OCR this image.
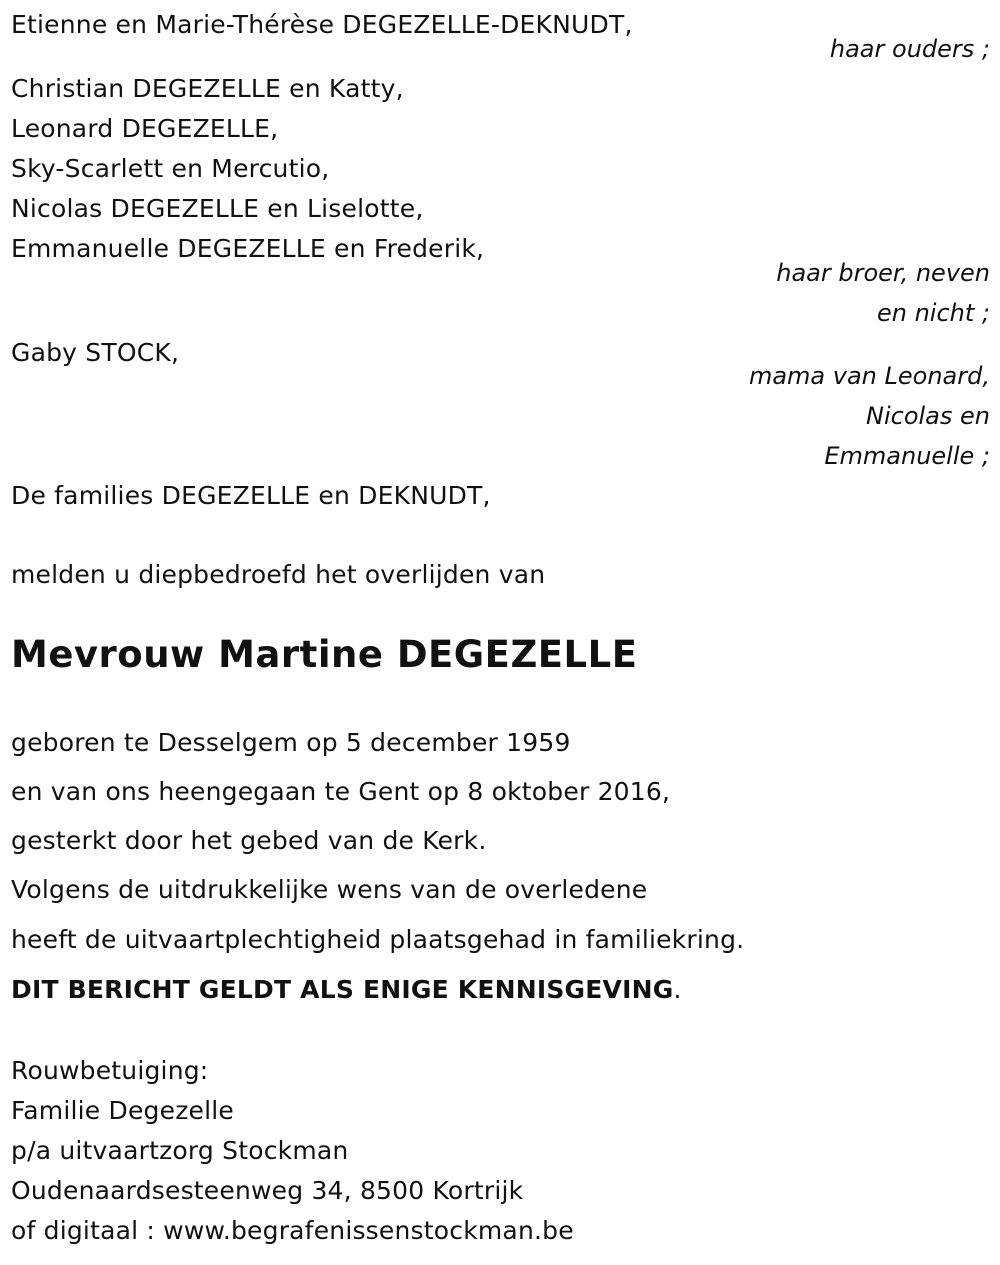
Etienne en Marie-Thérèse DEGEZELLE-DEKNUDT,
haar ouders ;
Christian DEGEZELLE en Katty,
Leonard DEGEZELLE,
Sky-Scarlett en Mercutio,
Nicolas DEGEZELLE en Liselotte,
Emmanuelle DEGEZELLE en Frederik,
haar broer, neven
en nicht ;
Gaby STOCK,
mama van Leonard,
Nicolas en
Emmanuelle ;
De families DEGEZELLE en DEKNUDT,
melden u diepbedroefd het overlijden van
Mevrouw Martine DEGEZELLE
geboren te Desselgem op 5 december 1959
en van ons heengegaan te Gent op 8 oktober 2016,
gesterkt door het gebed van de Kerk.
Volgens de uitdrukkelijke wens van de overledene
heeft de uitvaartplechtigheid plaatsgehad in familiekring.
DIT BERICHT GELDT ALS ENIGE KENNISGEVING.
Rouwbetuiging:
Familie Degezelle
p/a uitvaartzorg Stockman
Oudenaardsesteenweg 34, 8500 Kortrijk
of digitaal : www.begrafenissenstockman.be
